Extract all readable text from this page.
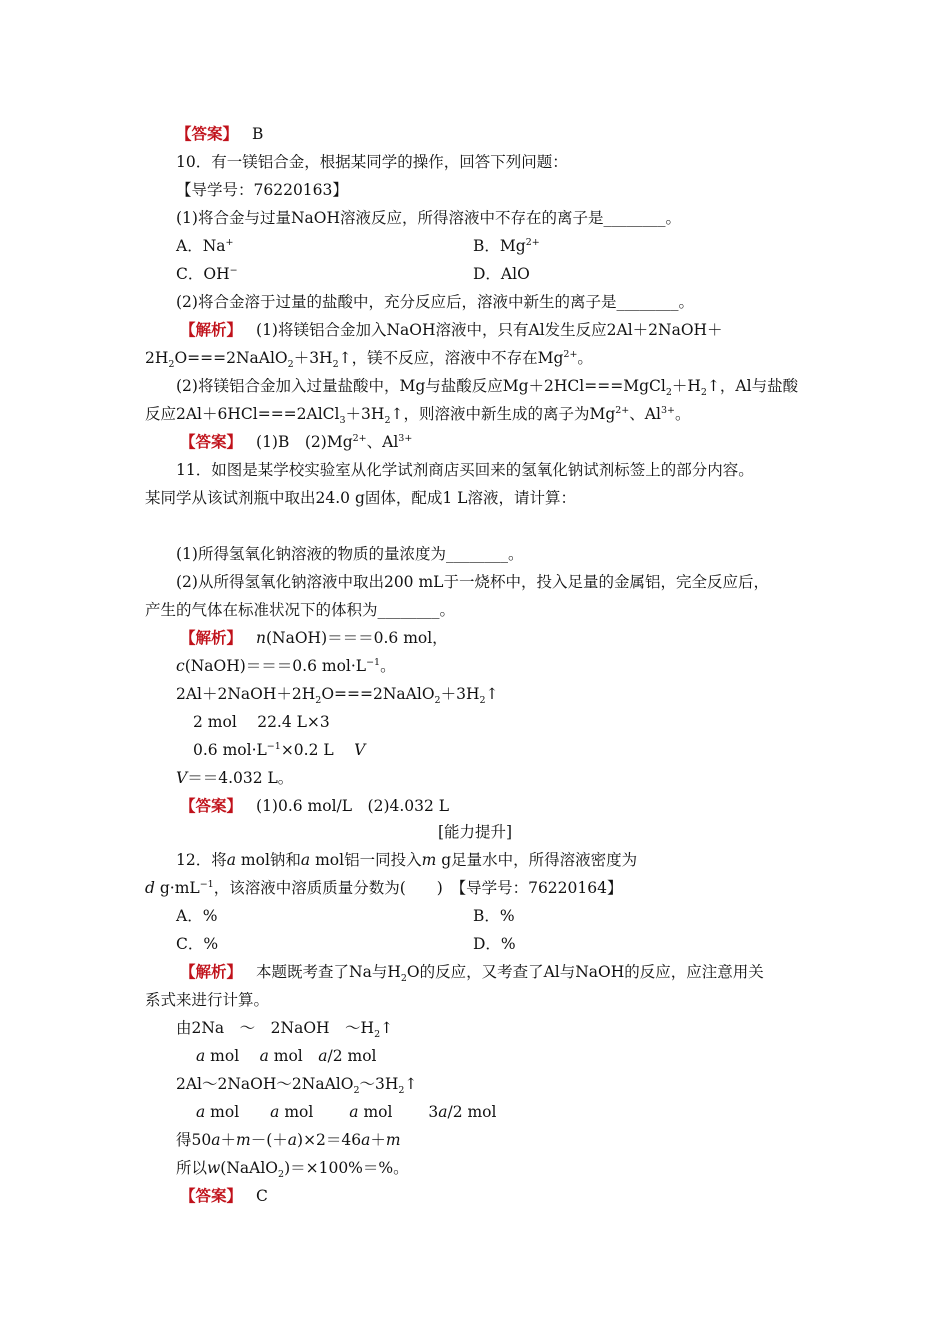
【答案】 B
10．有一镁铝合金，根据某同学的操作，回答下列问题：
【导学号：76220163】
(1)将合金与过量NaOH溶液反应，所得溶液中不存在的离子是________。
A．Na+	B．$Mg^{2+}$
C．OH−	D．AlO
(2)将合金溶于过量的盐酸中，充分反应后，溶液中新生的离子是________。
【解析】 (1)将镁铝合金加入NaOH溶液中，只有Al发生反应2Al＋2NaOH＋
$2H_2O===2NaAlO_2+3H_2↑$，镁不反应，溶液中不存在$Mg^{2+}$。
(2)将镁铝合金加入过量盐酸中，Mg与盐酸反应$Mg+2HCl===MgCl_2+H_2↑$，Al与盐酸
反应$2Al+6HCl===2AlCl_3+3H_2↑$，则溶液中新生成的离子为$Mg^{2+}$、$Al^{3+}$。
【答案】 (1)B　$(2)Mg^{2+}$、$Al^{3+}$
11．如图是某学校实验室从化学试剂商店买回来的氢氧化钠试剂标签上的部分内容。
某同学从该试剂瓶中取出24.0 g固体，配成1 L溶液，请计算：
(1)所得氢氧化钠溶液的物质的量浓度为________。
(2)从所得氢氧化钠溶液中取出200 mL于一烧杯中，投入足量的金属铝，完全反应后，
产生的气体在标准状况下的体积为________。
【解析】 n(NaOH)＝＝＝0.6 mol，
c(NaOH)＝＝＝0.6 $mol\cdot L^{-1}$。
$2Al+2NaOH+2H_2O===2NaAlO_2+3H_2↑$
2 mol　 22.4 L×3
0.6 $mol\cdot L^{-1}\times 0.2$ L　 V
V＝＝4.032 L。
【答案】 (1)0.6 mol/L　(2)4.032 L
[能力提升]
12．将a mol钠和a mol铝一同投入m g足量水中，所得溶液密度为
d $g\cdot mL^{-1}$，该溶液中溶质质量分数为(　　)　【导学号：76220164】
A．%	B．%
C．%	D．%
【解析】 本题既考查了Na与$H_2O$的反应，又考查了Al与NaOH的反应，应注意用关
系式来进行计算。
由2Na　～　2NaOH　$\sim H_2↑$
a mol　 a mol　a/2 mol
$2Al\sim 2NaOH\sim 2NaAlO_2\sim 3H_2↑$
a mol　　a mol　　 a mol　　 3a/2 mol
得50a＋m－(＋a)×2＝46a＋m
所以w(NaAlO$_2$)＝×100%＝%。
【答案】 C
